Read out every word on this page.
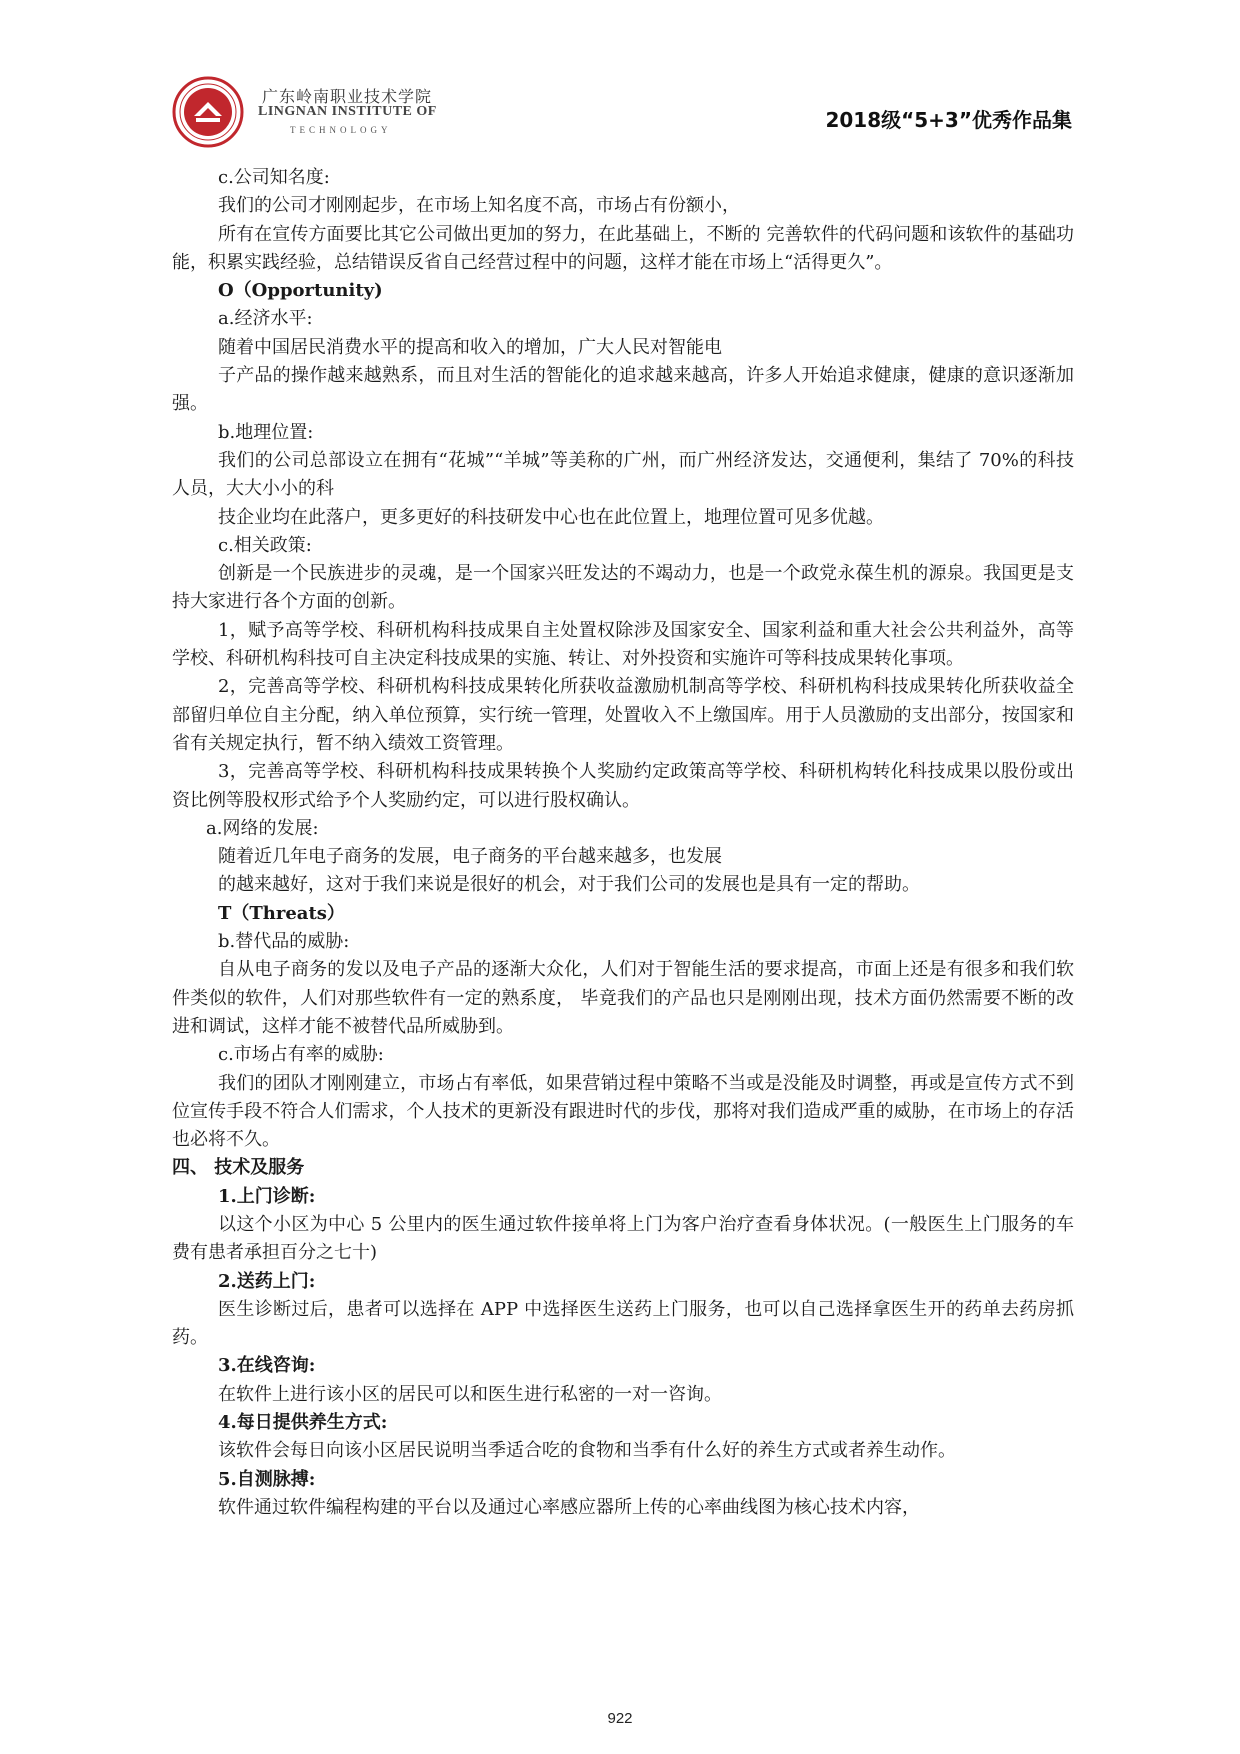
广东岭南职业技术学院
LINGNAN INSTITUTE OF
TECHNOLOGY	2018级“5+3”优秀作品集

c.公司知名度:

我们的公司才刚刚起步，在市场上知名度不高，市场占有份额小，

所有在宣传方面要比其它公司做出更加的努力，在此基础上，不断的 完善软件的代码问题和该软件的基础功能，积累实践经验，总结错误反省自己经营过程中的问题，这样才能在市场上“活得更久”。

O（Opportunity)

a.经济水平:

随着中国居民消费水平的提高和收入的增加，广大人民对智能电

子产品的操作越来越熟系，而且对生活的智能化的追求越来越高，许多人开始追求健康，健康的意识逐渐加强。

b.地理位置:

我们的公司总部设立在拥有“花城”“羊城”等美称的广州，而广州经济发达，交通便利，集结了 70%的科技人员，大大小小的科

技企业均在此落户，更多更好的科技研发中心也在此位置上，地理位置可见多优越。

c.相关政策:

创新是一个民族进步的灵魂，是一个国家兴旺发达的不竭动力，也是一个政党永葆生机的源泉。我国更是支持大家进行各个方面的创新。

1，赋予高等学校、科研机构科技成果自主处置权除涉及国家安全、国家利益和重大社会公共利益外，高等学校、科研机构科技可自主决定科技成果的实施、转让、对外投资和实施许可等科技成果转化事项。

2，完善高等学校、科研机构科技成果转化所获收益激励机制高等学校、科研机构科技成果转化所获收益全部留归单位自主分配，纳入单位预算，实行统一管理，处置收入不上缴国库。用于人员激励的支出部分，按国家和省有关规定执行，暂不纳入绩效工资管理。

3，完善高等学校、科研机构科技成果转换个人奖励约定政策高等学校、科研机构转化科技成果以股份或出资比例等股权形式给予个人奖励约定，可以进行股权确认。

a.网络的发展:

随着近几年电子商务的发展，电子商务的平台越来越多，也发展

的越来越好，这对于我们来说是很好的机会，对于我们公司的发展也是具有一定的帮助。

T（Threats）

b.替代品的威胁:

自从电子商务的发以及电子产品的逐渐大众化，人们对于智能生活的要求提高，市面上还是有很多和我们软件类似的软件，人们对那些软件有一定的熟系度， 毕竟我们的产品也只是刚刚出现，技术方面仍然需要不断的改进和调试，这样才能不被替代品所威胁到。

c.市场占有率的威胁:

我们的团队才刚刚建立，市场占有率低，如果营销过程中策略不当或是没能及时调整，再或是宣传方式不到位宣传手段不符合人们需求，个人技术的更新没有跟进时代的步伐，那将对我们造成严重的威胁，在市场上的存活也必将不久。

四、 技术及服务

1.上门诊断:

以这个小区为中心 5 公里内的医生通过软件接单将上门为客户治疗查看身体状况。(一般医生上门服务的车费有患者承担百分之七十)

2.送药上门:

医生诊断过后，患者可以选择在 APP 中选择医生送药上门服务，也可以自己选择拿医生开的药单去药房抓药。

3.在线咨询:

在软件上进行该小区的居民可以和医生进行私密的一对一咨询。

4.每日提供养生方式:

该软件会每日向该小区居民说明当季适合吃的食物和当季有什么好的养生方式或者养生动作。

5.自测脉搏:

软件通过软件编程构建的平台以及通过心率感应器所上传的心率曲线图为核心技术内容，

922
